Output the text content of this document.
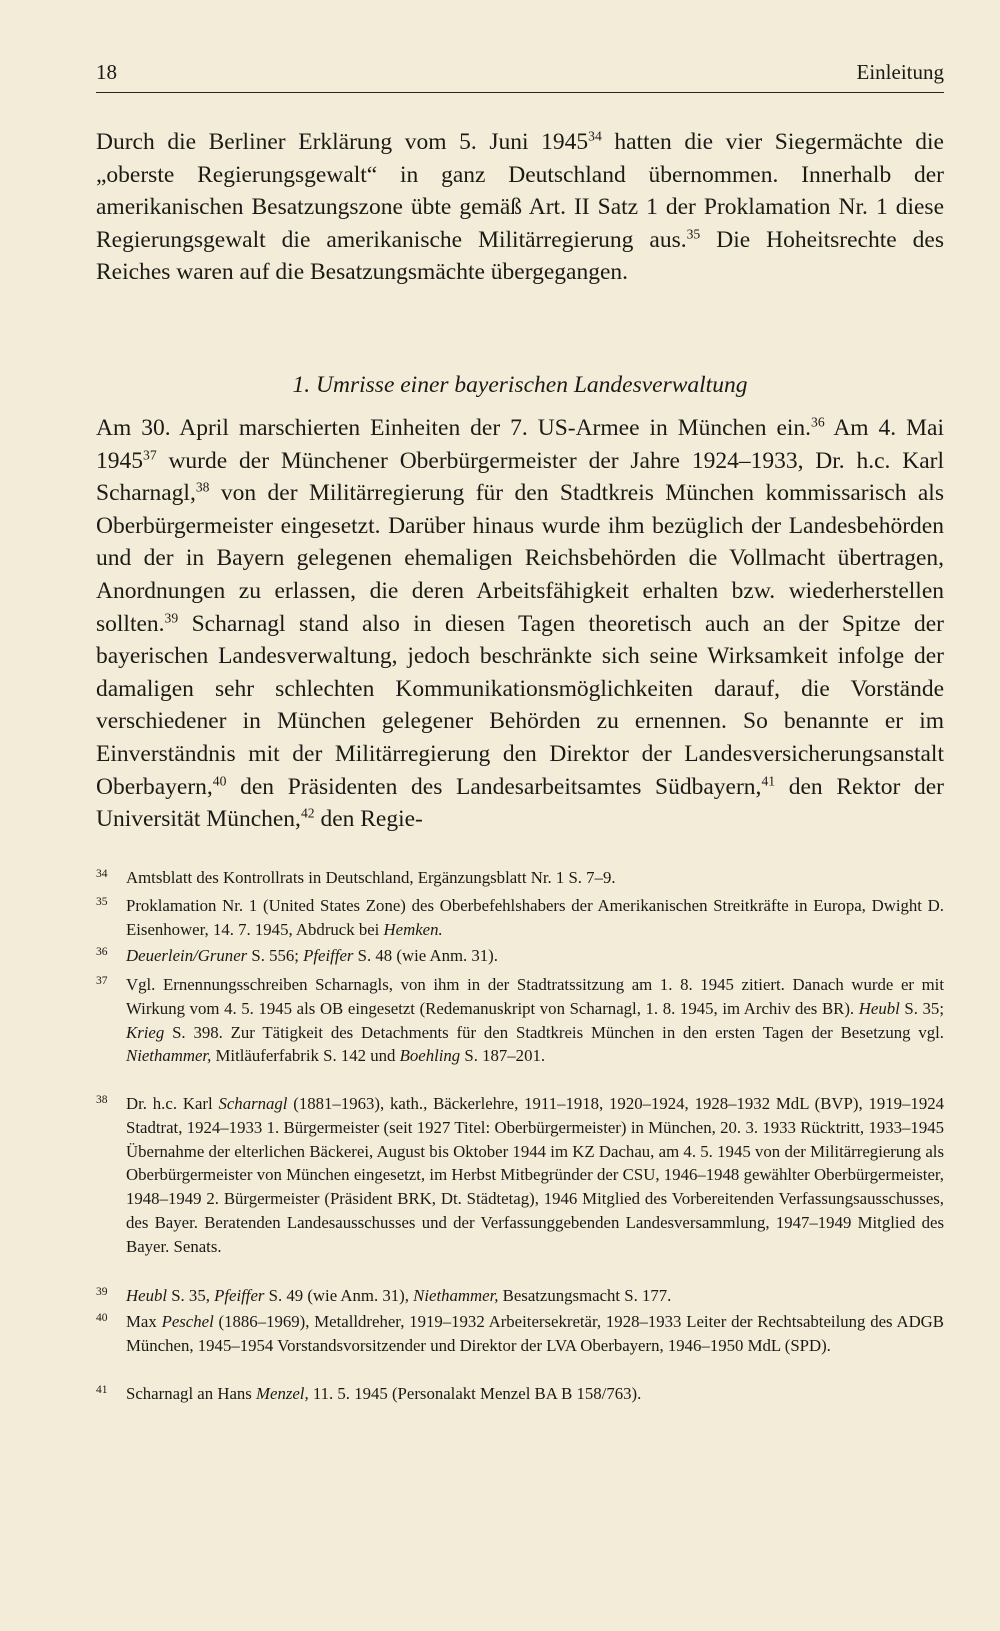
18	Einleitung

Durch die Berliner Erklärung vom 5. Juni 1945$^{34}$ hatten die vier Siegermächte die „oberste Regierungsgewalt“ in ganz Deutschland übernommen. Innerhalb der amerikanischen Besatzungszone übte gemäß Art. II Satz 1 der Proklamation Nr. 1 diese Regierungsgewalt die amerikanische Militärregierung aus.$^{35}$ Die Hoheitsrechte des Reiches waren auf die Besatzungsmächte übergegangen.

1. Umrisse einer bayerischen Landesverwaltung

Am 30. April marschierten Einheiten der 7. US-Armee in München ein.$^{36}$ Am 4. Mai 1945$^{37}$ wurde der Münchener Oberbürgermeister der Jahre 1924–1933, Dr. h.c. Karl Scharnagl,$^{38}$ von der Militärregierung für den Stadtkreis München kommissarisch als Oberbürgermeister eingesetzt. Darüber hinaus wurde ihm bezüglich der Landesbehörden und der in Bayern gelegenen ehemaligen Reichsbehörden die Vollmacht übertragen, Anordnungen zu erlassen, die deren Arbeitsfähigkeit erhalten bzw. wiederherstellen sollten.$^{39}$ Scharnagl stand also in diesen Tagen theoretisch auch an der Spitze der bayerischen Landesverwaltung, jedoch beschränkte sich seine Wirksamkeit infolge der damaligen sehr schlechten Kommunikationsmöglichkeiten darauf, die Vorstände verschiedener in München gelegener Behörden zu ernennen. So benannte er im Einverständnis mit der Militärregierung den Direktor der Landesversicherungsanstalt Oberbayern,$^{40}$ den Präsidenten des Landesarbeitsamtes Südbayern,$^{41}$ den Rektor der Universität München,$^{42}$ den Regie-

34	Amtsblatt des Kontrollrats in Deutschland, Ergänzungsblatt Nr. 1 S. 7–9.
35	Proklamation Nr. 1 (United States Zone) des Oberbefehlshabers der Amerikanischen Streitkräfte in Europa, Dwight D. Eisenhower, 14. 7. 1945, Abdruck bei Hemken.
36	Deuerlein/Gruner S. 556; Pfeiffer S. 48 (wie Anm. 31).
37	Vgl. Ernennungsschreiben Scharnagls, von ihm in der Stadtratssitzung am 1. 8. 1945 zitiert. Danach wurde er mit Wirkung vom 4. 5. 1945 als OB eingesetzt (Redemanuskript von Scharnagl, 1. 8. 1945, im Archiv des BR). Heubl S. 35; Krieg S. 398. Zur Tätigkeit des Detachments für den Stadtkreis München in den ersten Tagen der Besetzung vgl. Niethammer, Mitläuferfabrik S. 142 und Boehling S. 187–201.
38	Dr. h.c. Karl Scharnagl (1881–1963), kath., Bäckerlehre, 1911–1918, 1920–1924, 1928–1932 MdL (BVP), 1919–1924 Stadtrat, 1924–1933 1. Bürgermeister (seit 1927 Titel: Oberbürgermeister) in München, 20. 3. 1933 Rücktritt, 1933–1945 Übernahme der elterlichen Bäckerei, August bis Oktober 1944 im KZ Dachau, am 4. 5. 1945 von der Militärregierung als Oberbürgermeister von München eingesetzt, im Herbst Mitbegründer der CSU, 1946–1948 gewählter Oberbürgermeister, 1948–1949 2. Bürgermeister (Präsident BRK, Dt. Städtetag), 1946 Mitglied des Vorbereitenden Verfassungsausschusses, des Bayer. Beratenden Landesausschusses und der Verfassunggebenden Landesversammlung, 1947–1949 Mitglied des Bayer. Senats.
39	Heubl S. 35, Pfeiffer S. 49 (wie Anm. 31), Niethammer, Besatzungsmacht S. 177.
40	Max Peschel (1886–1969), Metalldreher, 1919–1932 Arbeitersekretär, 1928–1933 Leiter der Rechtsabteilung des ADGB München, 1945–1954 Vorstandsvorsitzender und Direktor der LVA Oberbayern, 1946–1950 MdL (SPD).
41	Scharnagl an Hans Menzel, 11. 5. 1945 (Personalakt Menzel BA B 158/763).
